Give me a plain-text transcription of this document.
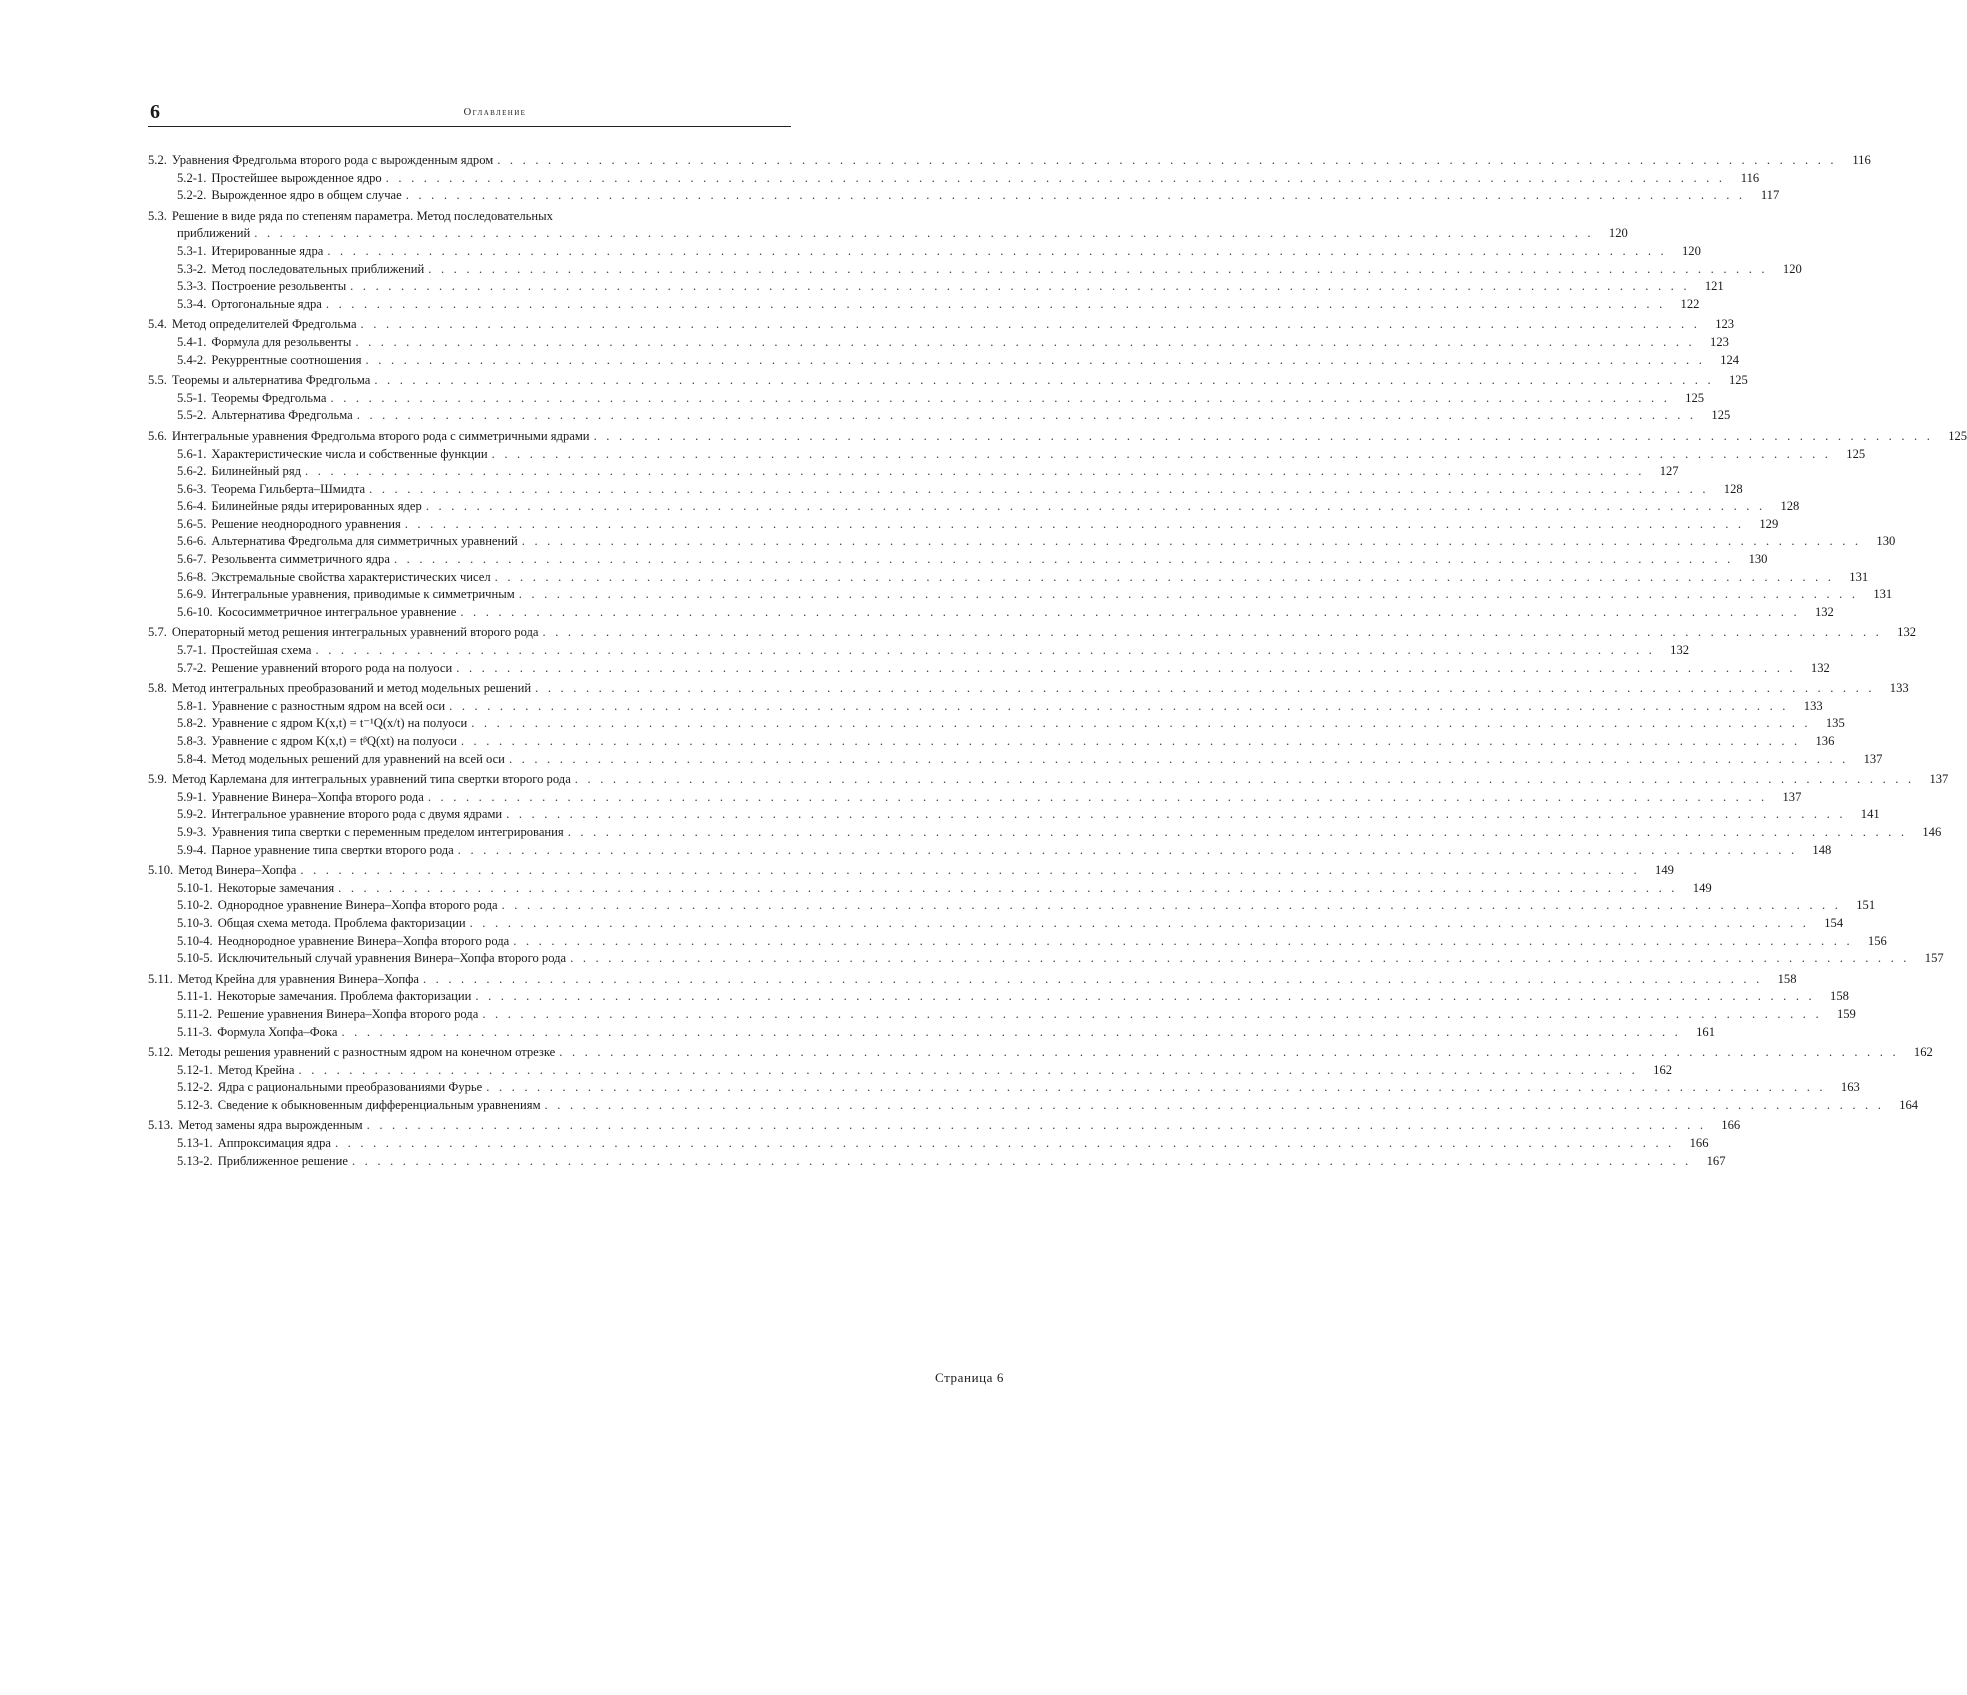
6	Оглавление
5.2. Уравнения Фредгольма второго рода с вырожденным ядром
. . .	116
5.2-1. Простейшее вырожденное ядро
. . .	116
5.2-2. Вырожденное ядро в общем случае
. . .	117
5.3. Решение в виде ряда по степеням параметра. Метод последовательных
приближений
. . .	120
5.3-1. Итерированные ядра
. . .	120
5.3-2. Метод последовательных приближений
. . .	120
5.3-3. Построение резольвенты
. . .	121
5.3-4. Ортогональные ядра
. . .	122
5.4. Метод определителей Фредгольма
. . .	123
5.4-1. Формула для резольвенты
. . .	123
5.4-2. Рекуррентные соотношения
. . .	124
5.5. Теоремы и альтернатива Фредгольма
. . .	125
5.5-1. Теоремы Фредгольма
. . .	125
5.5-2. Альтернатива Фредгольма
. . .	125
5.6. Интегральные уравнения Фредгольма второго рода с симметричными ядрами
. . .	125
5.6-1. Характеристические числа и собственные функции
. . .	125
5.6-2. Билинейный ряд
. . .	127
5.6-3. Теорема Гильберта–Шмидта
. . .	128
5.6-4. Билинейные ряды итерированных ядер
. . .	128
5.6-5. Решение неоднородного уравнения
. . .	129
5.6-6. Альтернатива Фредгольма для симметричных уравнений
. . .	130
5.6-7. Резольвента симметричного ядра
. . .	130
5.6-8. Экстремальные свойства характеристических чисел
. . .	131
5.6-9. Интегральные уравнения, приводимые к симметричным
. . .	131
5.6-10. Кососимметричное интегральное уравнение
. . .	132
5.7. Операторный метод решения интегральных уравнений второго рода
. . .	132
5.7-1. Простейшая схема
. . .	132
5.7-2. Решение уравнений второго рода на полуоси
. . .	132
5.8. Метод интегральных преобразований и метод модельных решений
. . .	133
5.8-1. Уравнение с разностным ядром на всей оси
. . .	133
5.8-2. Уравнение с ядром K(x,t) = t⁻¹Q(x/t) на полуоси
. . .	135
5.8-3. Уравнение с ядром K(x,t) = tᵝQ(xt) на полуоси
. . .	136
5.8-4. Метод модельных решений для уравнений на всей оси
. . .	137
5.9. Метод Карлемана для интегральных уравнений типа свертки второго рода
. . .	137
5.9-1. Уравнение Винера–Хопфа второго рода
. . .	137
5.9-2. Интегральное уравнение второго рода с двумя ядрами
. . .	141
5.9-3. Уравнения типа свертки с переменным пределом интегрирования
. . .	146
5.9-4. Парное уравнение типа свертки второго рода
. . .	148
5.10. Метод Винера–Хопфа
. . .	149
5.10-1. Некоторые замечания
. . .	149
5.10-2. Однородное уравнение Винера–Хопфа второго рода
. . .	151
5.10-3. Общая схема метода. Проблема факторизации
. . .	154
5.10-4. Неоднородное уравнение Винера–Хопфа второго рода
. . .	156
5.10-5. Исключительный случай уравнения Винера–Хопфа второго рода
. . .	157
5.11. Метод Крейна для уравнения Винера–Хопфа
. . .	158
5.11-1. Некоторые замечания. Проблема факторизации
. . .	158
5.11-2. Решение уравнения Винера–Хопфа второго рода
. . .	159
5.11-3. Формула Хопфа–Фока
. . .	161
5.12. Методы решения уравнений с разностным ядром на конечном отрезке
. . .	162
5.12-1. Метод Крейна
. . .	162
5.12-2. Ядра с рациональными преобразованиями Фурье
. . .	163
5.12-3. Сведение к обыкновенным дифференциальным уравнениям
. . .	164
5.13. Метод замены ядра вырожденным
. . .	166
5.13-1. Аппроксимация ядра
. . .	166
5.13-2. Приближенное решение
. . .	167
Страница 6
